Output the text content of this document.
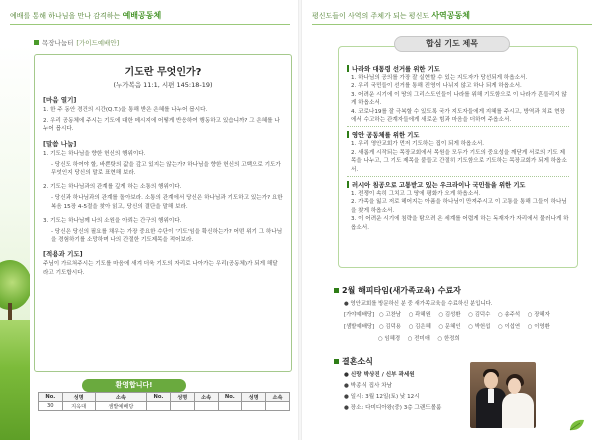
예배를 통해 하나님을 만나 감격하는 예배공동체
목장나눔터 [가이드예배안]
기도란 무엇인가?
(누가복음 11:1, 시편 145:18-19)
[마음 열기]
1. 한 주 동안 경건의 시간(Q.T.)을 통해 받은 은혜를 나누어 봅시다.
2. 우리 공동체에 주시는 기도에 대한 메시지에 어떻게 반응하여 행동하고 있습니까? 그 은혜를 나누어 봅시다.
[말씀 나눔]
1. 기도는 하나님을 향한 헌신의 행위이다.
- 당신도 하여야 할, 바쁜탓의 값을 갚고 있지는 않는가? 하나님을 향한 헌신의 고백으로 기도가 무엇인지 당신의 말로 표현해 보라.
2. 기도는 하나님과의 관계를 깊게 하는 소통의 행위이다.
- 당신과 하나님과의 관계를 돌아보라. 소통의 관계에서 당신은 하나님과 기도하고 있는가? 요한복음 15장 4-5절을 찾아 읽고, 당신의 결단을 말해 보라.
3. 기도는 하나님께 나의 소원을 아뢰는 간구의 행위이다.
- 당신은 당신의 필요를 채우는 가장 중요한 수단이 '기도'임을 확신하는가? 어떤 위기 그 하나님을 경험하기를 소망하며 나의 간절한 기도제목을 적어보라.
[적용과 기도]
주님이 가르쳐주시는 기도를 마음에 새겨 더욱 기도의 자리로 나아가는 우리(공동체)가 되게 해달라고 기도합시다.
환영합니다!
No.	성명	소속	No.	성명	소속	No.	성명	소속
30	지옥대	샘밭예배당						
평신도들이 사역의 주체가 되는 평신도 사역공동체
나라와 대통령 선거를 위한 기도
1. 하나님의 공의를 가장 잘 실현할 수 있는 지도자가 당선되게 하옵소서.
2. 우리 국민들이 선거를 통해 진영이 나뉘지 않고 하나 되게 하옵소서.
3. 어려운 시기에 이 땅의 그리스도인들이 나라를 위해 기도함으로 이 나라가 흔들리지 않게 하옵소서.
4. 코로나19를 잘 극복할 수 있도록 국가 지도자들에게 지혜를 주시고, 방역과 치료 현장에서 수고하는 관계자들에게 새로운 힘과 마음을 더하여 주옵소서.
영안 공동체를 위한 기도
1. 우리 영안교회가 먼저 기도하는 집이 되게 하옵소서.
2. 새롭게 시작되는 목장교회에서 목원을 모두가 기도의 중요성을 깨닫게 서로의 기도 제목을 나누고, 그 기도 제목을 붙들고 간절히 기도함으로 기도하는 목장교회가 되게 하옵소서.
러시아 침공으로 고통받고 있는 우크라이나 국민들을 위한 기도
1. 전쟁이 속히 그치고 그 땅에 평화가 오게 하옵소서.
2. 가족을 잃고 저로 헤어지는 아픔을 하나님이 만져주시고 이 고통을 통해 그들이 하나님을 찾게 하옵소서.
3. 이 어려운 시기에 침략을 탐으려 온 세계를 어렵게 하는 독재자가 자리에서 물러나게 하옵소서.
합심 기도 제목
2월 해피타임(새가족교육) 수료자
● 영안교회를 방문하신 분 중 새가족교육을 수료하신 분입니다.
[가야예배당] ○ 고찬남 ○ 곽혜원 ○ 김성환 ○ 김덕수 ○ 송주석 ○ 장혜자
[샘밭예배당] ○ 김덕용 ○ 김은혜 ○ 문혜인 ○ 박헌섭 ○ 이섭연 ○ 이영환
○ 임혜경 ○ 전미애 ○ 한정희
결혼소식
● 신랑 박상진 / 신부 곽세원
● 박종식 집사 차남
● 일시: 3월 12일(토) 낮 12시
● 장소: 다미디아왕(중) 3층 그랜드볼룸
